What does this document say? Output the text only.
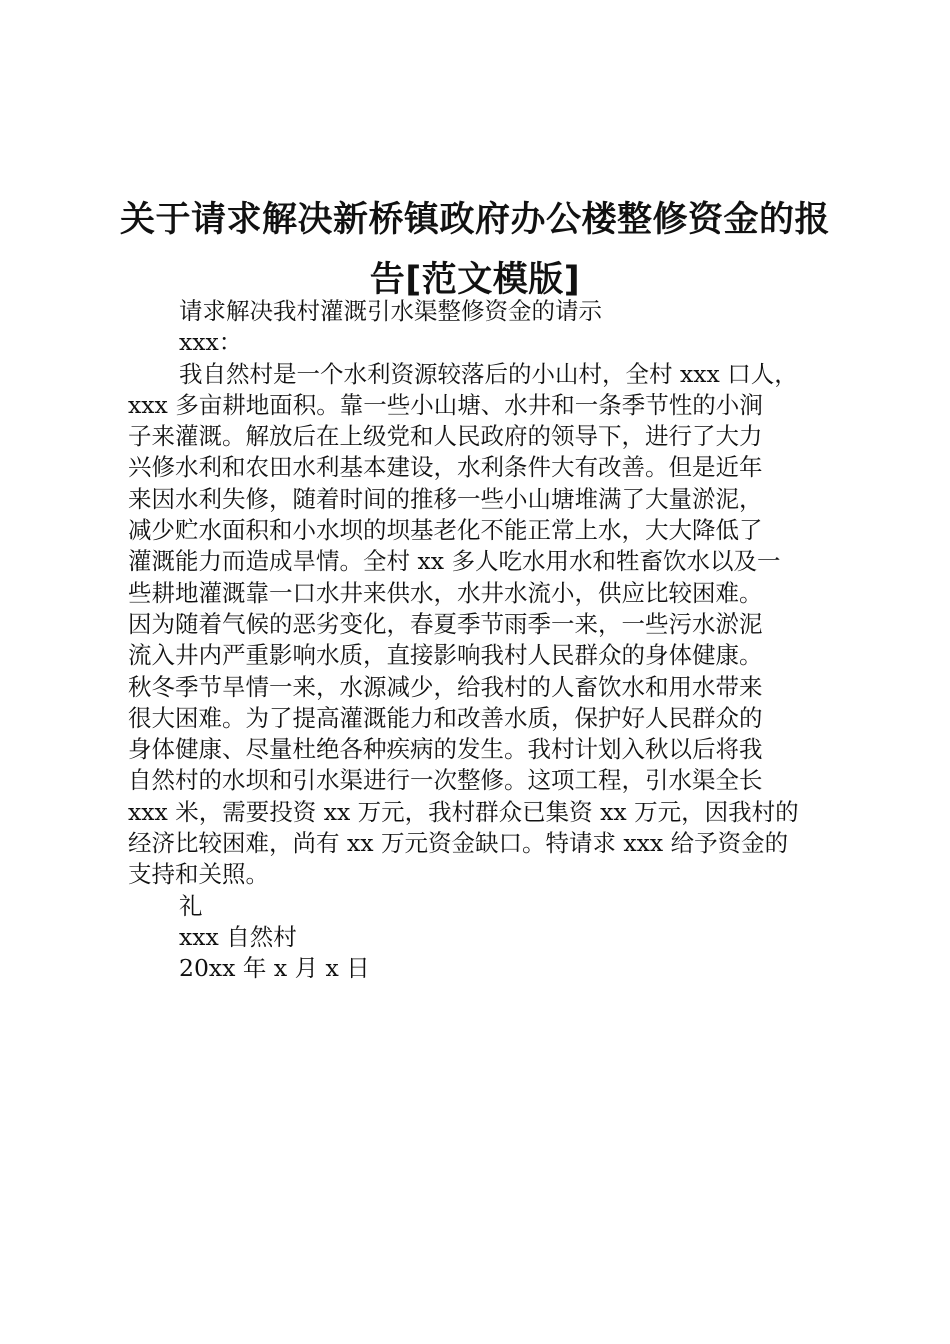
关于请求解决新桥镇政府办公楼整修资金的报
告[范文模版]
请求解决我村灌溉引水渠整修资金的请示
xxx：
我自然村是一个水利资源较落后的小山村，全村 xxx 口人，
xxx 多亩耕地面积。靠一些小山塘、水井和一条季节性的小涧
子来灌溉。解放后在上级党和人民政府的领导下，进行了大力
兴修水利和农田水利基本建设，水利条件大有改善。但是近年
来因水利失修，随着时间的推移一些小山塘堆满了大量淤泥，
减少贮水面积和小水坝的坝基老化不能正常上水，大大降低了
灌溉能力而造成旱情。全村 xx 多人吃水用水和牲畜饮水以及一
些耕地灌溉靠一口水井来供水，水井水流小，供应比较困难。
因为随着气候的恶劣变化，春夏季节雨季一来，一些污水淤泥
流入井内严重影响水质，直接影响我村人民群众的身体健康。
秋冬季节旱情一来，水源减少，给我村的人畜饮水和用水带来
很大困难。为了提高灌溉能力和改善水质，保护好人民群众的
身体健康、尽量杜绝各种疾病的发生。我村计划入秋以后将我
自然村的水坝和引水渠进行一次整修。这项工程，引水渠全长
xxx 米，需要投资 xx 万元，我村群众已集资 xx 万元，因我村的
经济比较困难，尚有 xx 万元资金缺口。特请求 xxx 给予资金的
支持和关照。
礼
xxx 自然村
20xx 年 x 月 x 日
